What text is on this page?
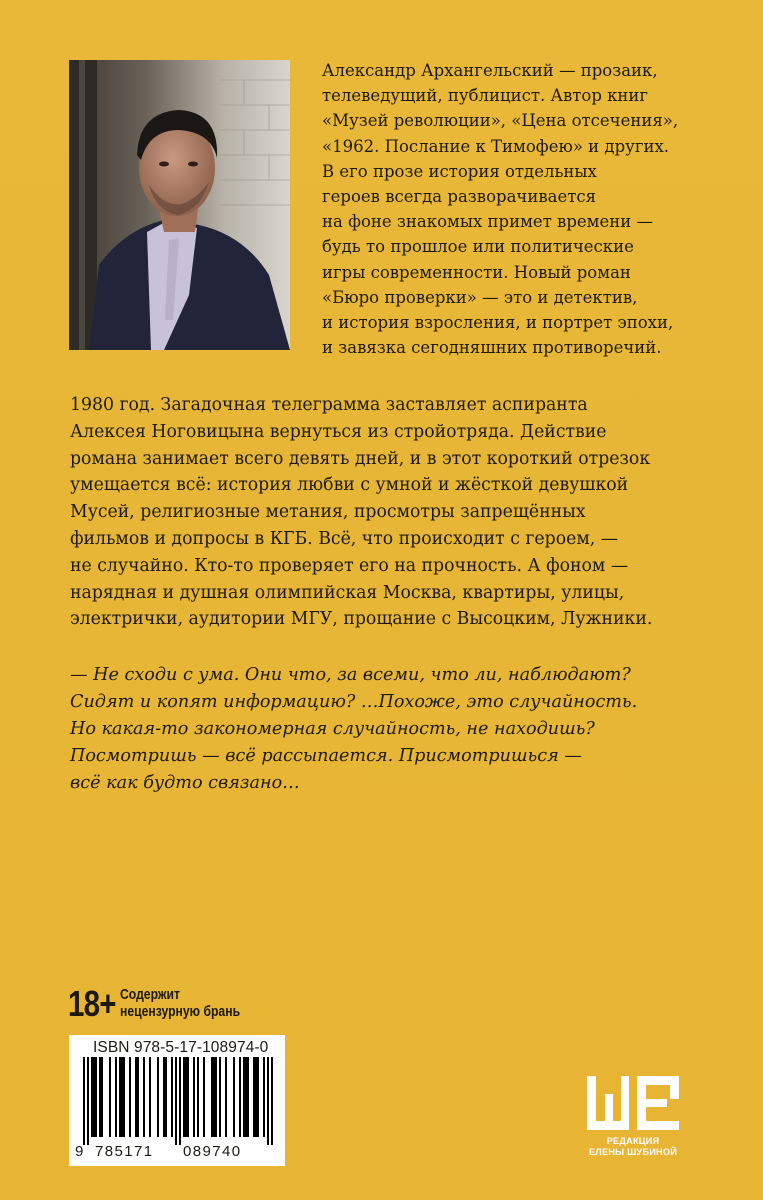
Александр Архангельский — прозаик,
телеведущий, публицист. Автор книг
«Музей революции», «Цена отсечения»,
«1962. Послание к Тимофею» и других.
В его прозе история отдельных
героев всегда разворачивается
на фоне знакомых примет времени —
будь то прошлое или политические
игры современности. Новый роман
«Бюро проверки» — это и детектив,
и история взросления, и портрет эпохи,
и завязка сегодняшних противоречий.
1980 год. Загадочная телеграмма заставляет аспиранта
Алексея Ноговицына вернуться из стройотряда. Действие
романа занимает всего девять дней, и в этот короткий отрезок
умещается всё: история любви с умной и жёсткой девушкой
Мусей, религиозные метания, просмотры запрещённых
фильмов и допросы в КГБ. Всё, что происходит с героем, —
не случайно. Кто-то проверяет его на прочность. А фоном —
нарядная и душная олимпийская Москва, квартиры, улицы,
электрички, аудитории МГУ, прощание с Высоцким, Лужники.
— Не сходи с ума. Они что, за всеми, что ли, наблюдают?
Сидят и копят информацию? …Похоже, это случайность.
Но какая-то закономерная случайность, не находишь?
Посмотришь — всё рассыпается. Присмотришься —
всё как будто связано…
18+ Содержит
нецензурную брань
ISBN 978-5-17-108974-0
9 785171 089740
РЕДАКЦИЯ
ЕЛЕНЫ ШУБИНОЙ
